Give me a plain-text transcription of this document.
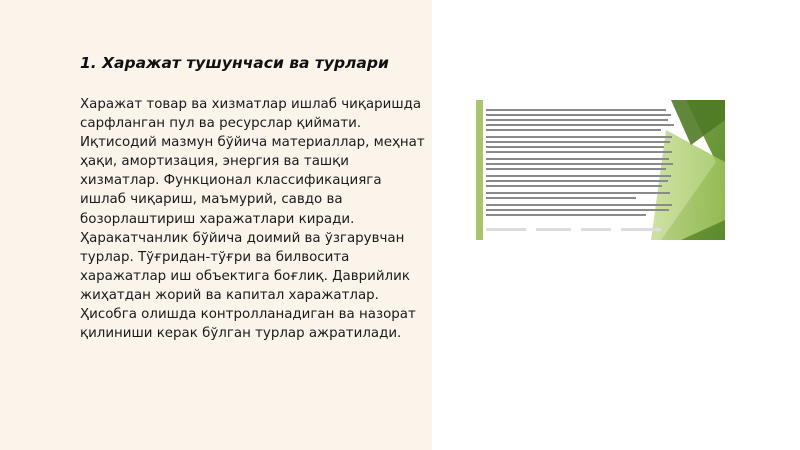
1. Харажат тушунчаси ва турлари

Харажат товар ва хизматлар ишлаб чиқаришда сарфланган пул ва ресурслар қиймати. Иқтисодий мазмун бўйича материаллар, меҳнат ҳақи, амортизация, энергия ва ташқи хизматлар. Функционал классификацияга ишлаб чиқариш, маъмурий, савдо ва бозорлаштириш харажатлари киради. Ҳаракатчанлик бўйича доимий ва ўзгарувчан турлар. Тўғридан-тўғри ва билвосита харажатлар иш объектига боғлиқ. Даврийлик жиҳатдан жорий ва капитал харажатлар. Ҳисобга олишда контролланадиган ва назорат қилиниши керак бўлган турлар ажратилади.
